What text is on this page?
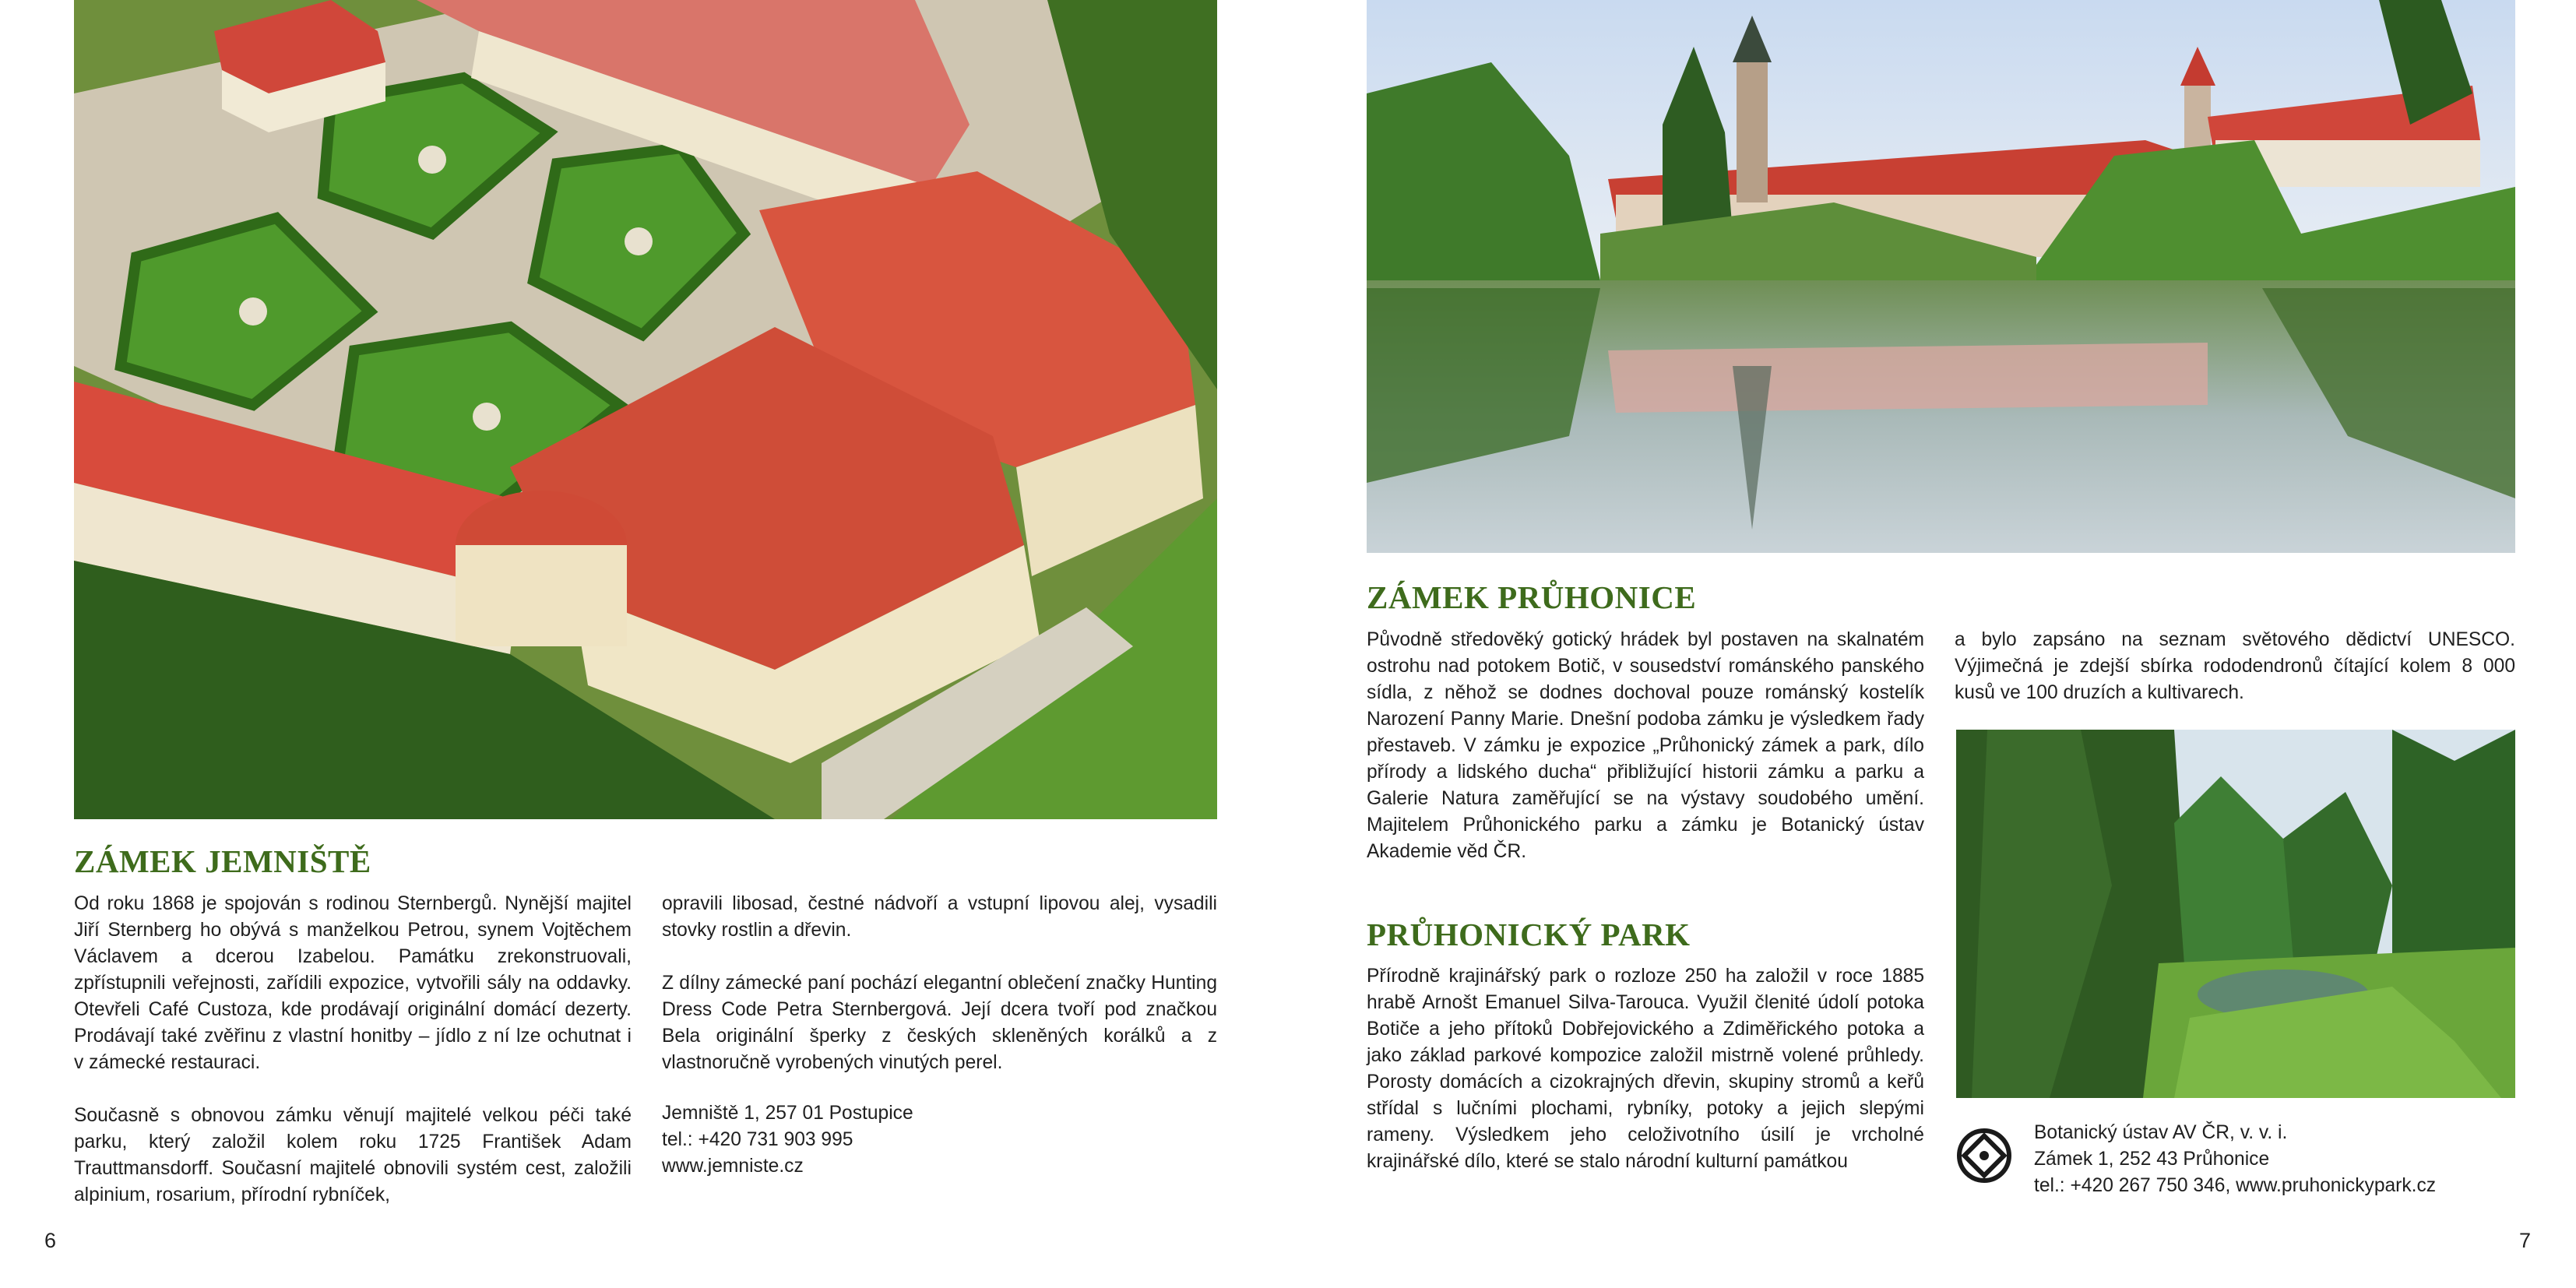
ZÁMEK JEMNIŠTĚ

Od roku 1868 je spojován s rodinou Sternbergů. Nynější majitel Jiří Sternberg ho obývá s manželkou Petrou, synem Vojtěchem Václavem a dcerou Izabelou. Památku zrekonstruovali, zpřístupnili veřejnosti, zařídili expozice, vytvořili sály na oddavky. Otevřeli Café Custoza, kde prodávají originální domácí dezerty. Prodávají také zvěřinu z vlastní honitby – jídlo z ní lze ochutnat i v zámecké restauraci.

Současně s obnovou zámku věnují majitelé velkou péči také parku, který založil kolem roku 1725 František Adam Trauttmansdorff. Současní majitelé obnovili systém cest, založili alpinium, rosarium, přírodní rybníček,

opravili libosad, čestné nádvoří a vstupní lipovou alej, vysadili stovky rostlin a dřevin.

Z dílny zámecké paní pochází elegantní oblečení značky Hunting Dress Code Petra Sternbergová. Její dcera tvoří pod značkou Bela originální šperky z českých skleněných korálků a z vlastnoručně vyrobených vinutých perel.

Jemniště 1, 257 01 Postupice
tel.: +420 731 903 995
www.jemniste.cz
6
ZÁMEK PRŮHONICE
Původně středověký gotický hrádek byl postaven na skalnatém ostrohu nad potokem Botič, v sousedství románského panského sídla, z něhož se dodnes dochoval pouze románský kostelík Narození Panny Marie. Dnešní podoba zámku je výsledkem řady přestaveb. V zámku je expozice „Průhonický zámek a park, dílo přírody a lidského ducha“ přibližující historii zámku a parku a Galerie Natura zaměřující se na výstavy soudobého umění. Majitelem Průhonického parku a zámku je Botanický ústav Akademie věd ČR.
PRŮHONICKÝ PARK
Přírodně krajinářský park o rozloze 250 ha založil v roce 1885 hrabě Arnošt Emanuel Silva-Tarouca. Využil členité údolí potoka Botiče a jeho přítoků Dobřejovického a Zdiměřického potoka a jako základ parkové kompozice založil mistrně volené průhledy. Porosty domácích a cizokrajných dřevin, skupiny stromů a keřů střídal s lučními plochami, rybníky, potoky a jejich slepými rameny. Výsledkem jeho celoživotního úsilí je vrcholné krajinářské dílo, které se stalo národní kulturní památkou
a bylo zapsáno na seznam světového dědictví UNESCO. Výjimečná je zdejší sbírka rododendronů čítající kolem 8 000 kusů ve 100 druzích a kultivarech.
Botanický ústav AV ČR, v. v. i.
Zámek 1, 252 43 Průhonice
tel.: +420 267 750 346, www.pruhonickypark.cz
7
